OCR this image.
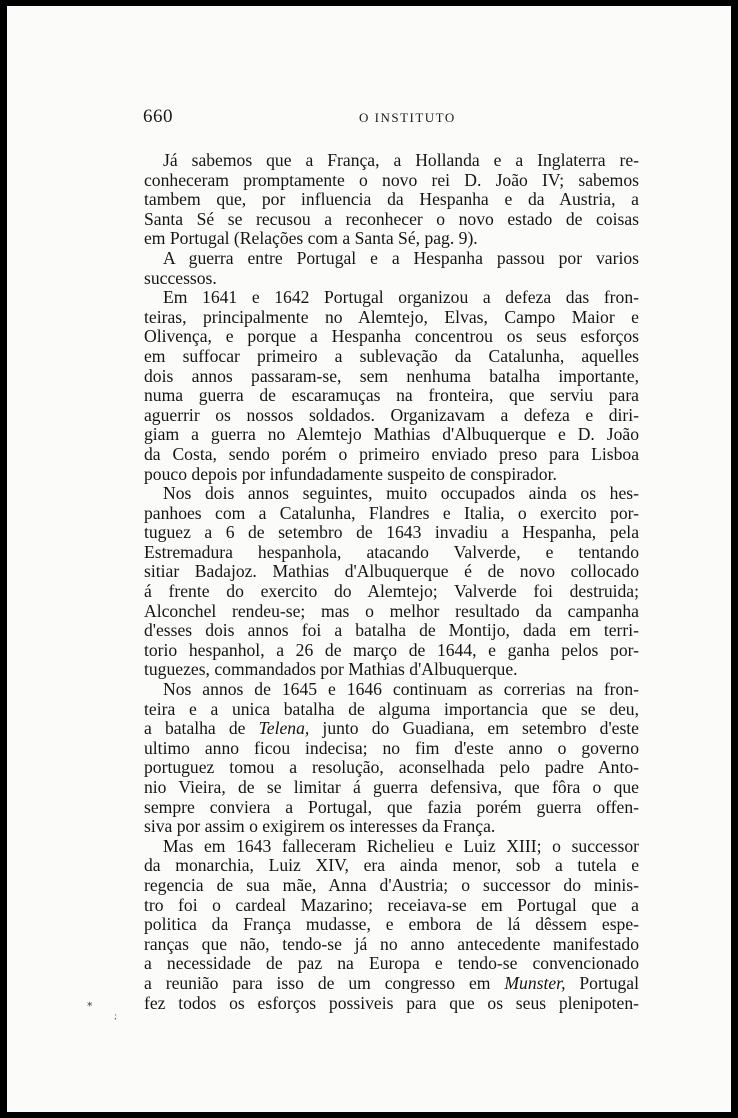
660	O INSTITUTO
Já sabemos que a França, a Hollanda e a Inglaterra re-
conheceram promptamente o novo rei D. João IV; sabemos
tambem que, por influencia da Hespanha e da Austria, a
Santa Sé se recusou a reconhecer o novo estado de coisas
em Portugal (Relações com a Santa Sé, pag. 9).
A guerra entre Portugal e a Hespanha passou por varios
successos.
Em 1641 e 1642 Portugal organizou a defeza das fron-
teiras, principalmente no Alemtejo, Elvas, Campo Maior e
Olivença, e porque a Hespanha concentrou os seus esforços
em suffocar primeiro a sublevação da Catalunha, aquelles
dois annos passaram-se, sem nenhuma batalha importante,
numa guerra de escaramuças na fronteira, que serviu para
aguerrir os nossos soldados. Organizavam a defeza e diri-
giam a guerra no Alemtejo Mathias d'Albuquerque e D. João
da Costa, sendo porém o primeiro enviado preso para Lisboa
pouco depois por infundadamente suspeito de conspirador.
Nos dois annos seguintes, muito occupados ainda os hes-
panhoes com a Catalunha, Flandres e Italia, o exercito por-
tuguez a 6 de setembro de 1643 invadiu a Hespanha, pela
Estremadura hespanhola, atacando Valverde, e tentando
sitiar Badajoz. Mathias d'Albuquerque é de novo collocado
á frente do exercito do Alemtejo; Valverde foi destruida;
Alconchel rendeu-se; mas o melhor resultado da campanha
d'esses dois annos foi a batalha de Montijo, dada em terri-
torio hespanhol, a 26 de março de 1644, e ganha pelos por-
tuguezes, commandados por Mathias d'Albuquerque.
Nos annos de 1645 e 1646 continuam as correrias na fron-
teira e a unica batalha de alguma importancia que se deu,
a batalha de Telena, junto do Guadiana, em setembro d'este
ultimo anno ficou indecisa; no fim d'este anno o governo
portuguez tomou a resolução, aconselhada pelo padre Anto-
nio Vieira, de se limitar á guerra defensiva, que fôra o que
sempre conviera a Portugal, que fazia porém guerra offen-
siva por assim o exigirem os interesses da França.
Mas em 1643 falleceram Richelieu e Luiz XIII; o successor
da monarchia, Luiz XIV, era ainda menor, sob a tutela e
regencia de sua mãe, Anna d'Austria; o successor do minis-
tro foi o cardeal Mazarino; receiava-se em Portugal que a
politica da França mudasse, e embora de lá dêssem espe-
ranças que não, tendo-se já no anno antecedente manifestado
a necessidade de paz na Europa e tendo-se convencionado
a reunião para isso de um congresso em Munster, Portugal
fez todos os esforços possiveis para que os seus plenipoten-
⁎
;
